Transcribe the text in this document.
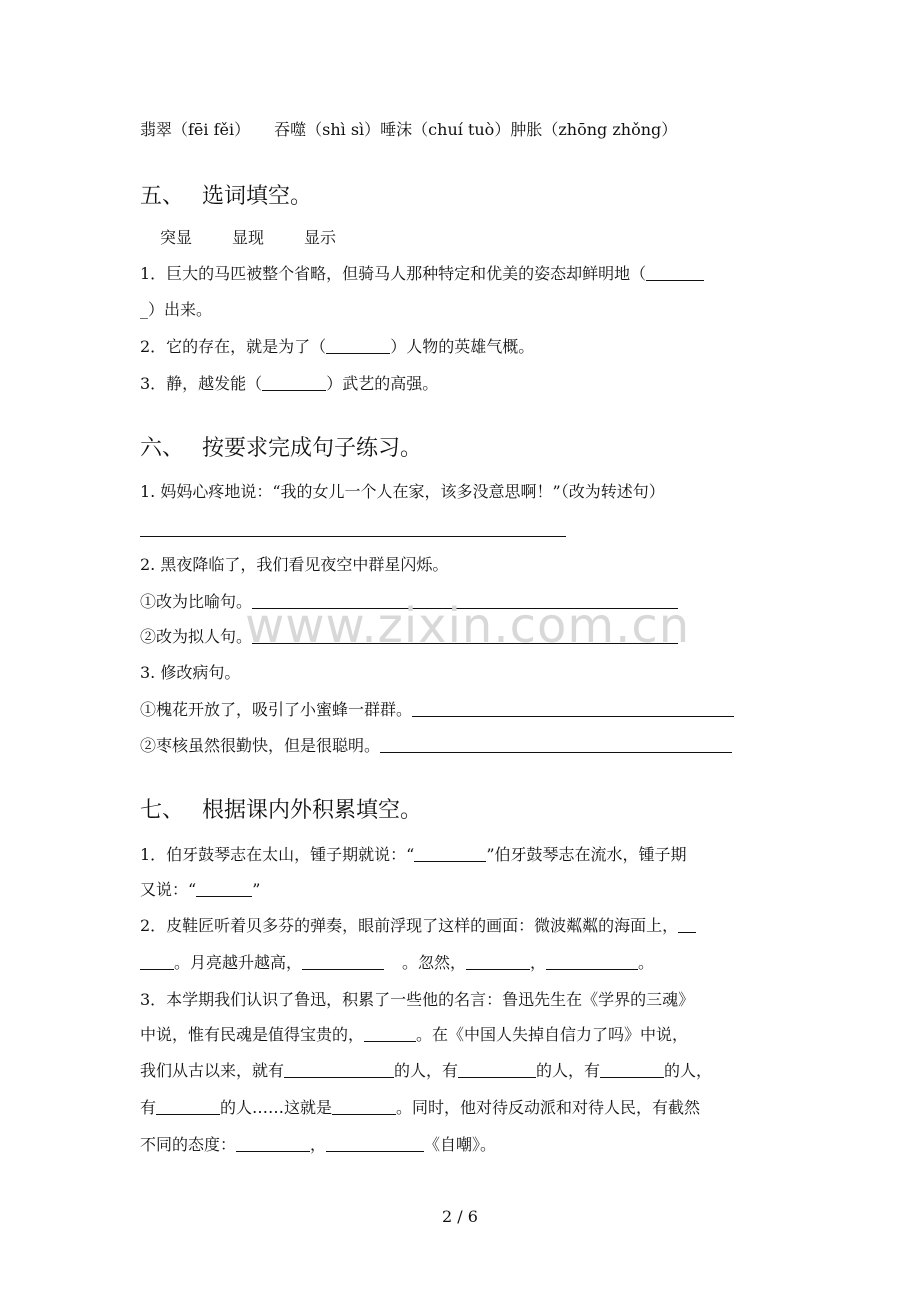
翡翠（fēi fěi） 吞噬（shì sì）唾沫（chuí tuò）肿胀（zhōng zhǒng）
五、 选词填空。
突显	显现	显示
1．巨大的马匹被整个省略，但骑马人那种特定和优美的姿态却鲜明地（
_）出来。
2．它的存在，就是为了（	）人物的英雄气概。
3．静，越发能（	）武艺的高强。
六、 按要求完成句子练习。
1. 妈妈心疼地说：“我的女儿一个人在家，该多没意思啊！”（改为转述句）
2. 黑夜降临了，我们看见夜空中群星闪烁。
①改为比喻句。
②改为拟人句。
3. 修改病句。
①槐花开放了，吸引了小蜜蜂一群群。
②枣核虽然很勤快，但是很聪明。
七、 根据课内外积累填空。
1．伯牙鼓琴志在太山，锺子期就说：“	”伯牙鼓琴志在流水，锺子期
又说：“	”
2．皮鞋匠听着贝多芬的弹奏，眼前浮现了这样的画面：微波粼粼的海面上，
。月亮越升越高，	。忽然，	，	。
3．本学期我们认识了鲁迅，积累了一些他的名言：鲁迅先生在《学界的三魂》
中说，惟有民魂是值得宝贵的，	。在《中国人失掉自信力了吗》中说，
我们从古以来，就有	的人，有	的人，有	的人，
有	的人……这就是	。同时，他对待反动派和对待人民，有截然
不同的态度：	，	《自嘲》。
www.zixin.com.cn
2 / 6
